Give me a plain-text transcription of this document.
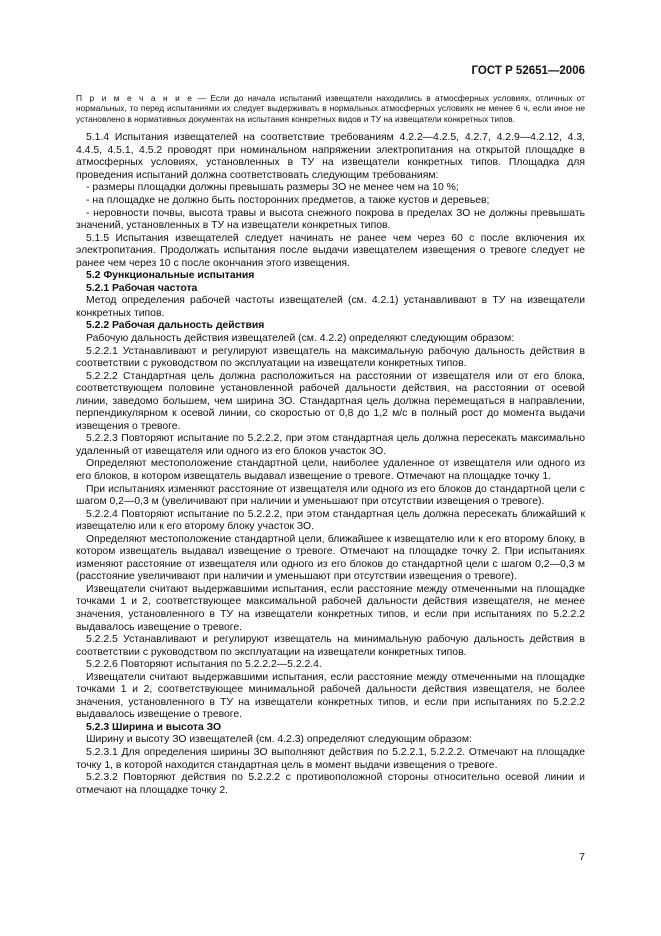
ГОСТ Р 52651—2006

П р и м е ч а н и е — Если до начала испытаний извещатели находились в атмосферных условиях, отличных от нормальных, то перед испытаниями их следует выдерживать в нормальных атмосферных условиях не менее 6 ч, если иное не установлено в нормативных документах на испытания конкретных видов и ТУ на извещатели конкретных типов.

5.1.4 Испытания извещателей на соответствие требованиям 4.2.2—4.2.5, 4.2.7, 4.2.9—4.2.12, 4.3, 4.4.5, 4.5.1, 4.5.2 проводят при номинальном напряжении электропитания на открытой площадке в атмосферных условиях, установленных в ТУ на извещатели конкретных типов. Площадка для проведения испытаний должна соответствовать следующим требованиям:

- размеры площадки должны превышать размеры ЗО не менее чем на 10 %;

- на площадке не должно быть посторонних предметов, а также кустов и деревьев;

- неровности почвы, высота травы и высота снежного покрова в пределах ЗО не должны превышать значений, установленных в ТУ на извещатели конкретных типов.

5.1.5 Испытания извещателей следует начинать не ранее чем через 60 с после включения их электропитания. Продолжать испытания после выдачи извещателем извещения о тревоге следует не ранее чем через 10 с после окончания этого извещения.

5.2 Функциональные испытания

5.2.1 Рабочая частота

Метод определения рабочей частоты извещателей (см. 4.2.1) устанавливают в ТУ на извещатели конкретных типов.

5.2.2 Рабочая дальность действия

Рабочую дальность действия извещателей (см. 4.2.2) определяют следующим образом:

5.2.2.1 Устанавливают и регулируют извещатель на максимальную рабочую дальность действия в соответствии с руководством по эксплуатации на извещатели конкретных типов.

5.2.2.2 Стандартная цель должна расположиться на расстоянии от извещателя или от его блока, соответствующем половине установленной рабочей дальности действия, на расстоянии от осевой линии, заведомо большем, чем ширина ЗО. Стандартная цель должна перемещаться в направлении, перпендикулярном к осевой линии, со скоростью от 0,8 до 1,2 м/с в полный рост до момента выдачи извещения о тревоге.

5.2.2.3 Повторяют испытание по 5.2.2.2, при этом стандартная цель должна пересекать максимально удаленный от извещателя или одного из его блоков участок ЗО.

Определяют местоположение стандартной цели, наиболее удаленное от извещателя или одного из его блоков, в котором извещатель выдавал извещение о тревоге. Отмечают на площадке точку 1.

При испытаниях изменяют расстояние от извещателя или одного из его блоков до стандартной цели с шагом 0,2—0,3 м (увеличивают при наличии и уменьшают при отсутствии извещения о тревоге).

5.2.2.4 Повторяют испытание по 5.2.2.2, при этом стандартная цель должна пересекать ближайший к извещателю или к его второму блоку участок ЗО.

Определяют местоположение стандартной цели, ближайшее к извещателю или к его второму блоку, в котором извещатель выдавал извещение о тревоге. Отмечают на площадке точку 2. При испытаниях изменяют расстояние от извещателя или одного из его блоков до стандартной цели с шагом 0,2—0,3 м (расстояние увеличивают при наличии и уменьшают при отсутствии извещения о тревоге).

Извещатели считают выдержавшими испытания, если расстояние между отмеченными на площадке точками 1 и 2, соответствующее максимальной рабочей дальности действия извещателя, не менее значения, установленного в ТУ на извещатели конкретных типов, и если при испытаниях по 5.2.2.2 выдавалось извещение о тревоге.

5.2.2.5 Устанавливают и регулируют извещатель на минимальную рабочую дальность действия в соответствии с руководством по эксплуатации на извещатели конкретных типов.

5.2.2.6 Повторяют испытания по 5.2.2.2—5.2.2.4.

Извещатели считают выдержавшими испытания, если расстояние между отмеченными на площадке точками 1 и 2, соответствующее минимальной рабочей дальности действия извещателя, не более значения, установленного в ТУ на извещатели конкретных типов, и если при испытаниях по 5.2.2.2 выдавалось извещение о тревоге.

5.2.3 Ширина и высота ЗО

Ширину и высоту ЗО извещателей (см. 4.2.3) определяют следующим образом:

5.2.3.1 Для определения ширины ЗО выполняют действия по 5.2.2.1, 5.2.2.2. Отмечают на площадке точку 1, в которой находится стандартная цель в момент выдачи извещения о тревоге.

5.2.3.2 Повторяют действия по 5.2.2.2 с противоположной стороны относительно осевой линии и отмечают на площадке точку 2.

7
